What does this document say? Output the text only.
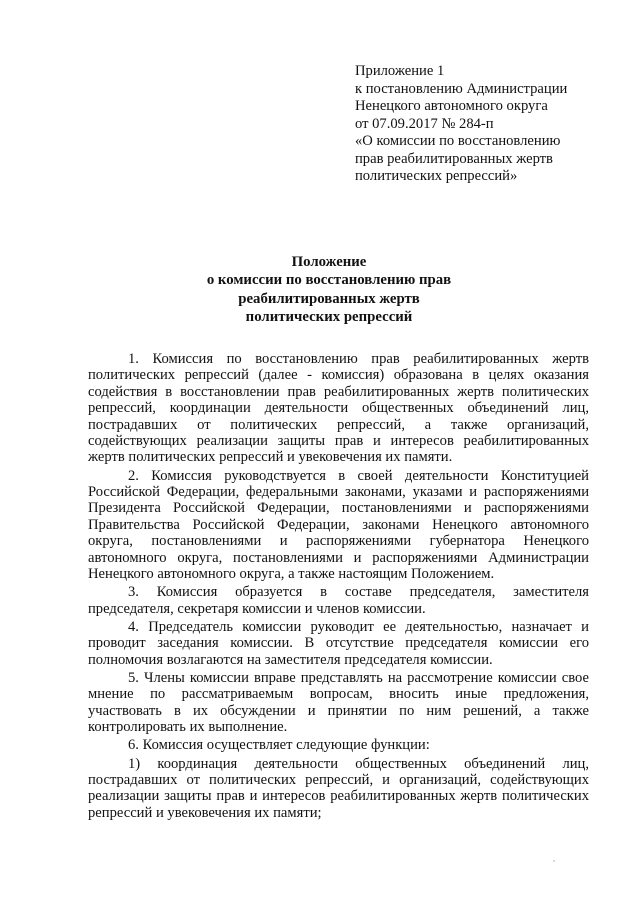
Приложение 1
к постановлению Администрации
Ненецкого автономного округа
от 07.09.2017 № 284-п
«О комиссии по восстановлению
прав реабилитированных жертв
политических репрессий»
Положение
о комиссии по восстановлению прав
реабилитированных жертв
политических репрессий

1. Комиссия по восстановлению прав реабилитированных жертв политических репрессий (далее - комиссия) образована в целях оказания содействия в восстановлении прав реабилитированных жертв политических репрессий, координации деятельности общественных объединений лиц, пострадавших от политических репрессий, а также организаций, содействующих реализации защиты прав и интересов реабилитированных жертв политических репрессий и увековечения их памяти.

2. Комиссия руководствуется в своей деятельности Конституцией Российской Федерации, федеральными законами, указами и распоряжениями Президента Российской Федерации, постановлениями и распоряжениями Правительства Российской Федерации, законами Ненецкого автономного округа, постановлениями и распоряжениями губернатора Ненецкого автономного округа, постановлениями и распоряжениями Администрации Ненецкого автономного округа, а также настоящим Положением.

3. Комиссия образуется в составе председателя, заместителя председателя, секретаря комиссии и членов комиссии.

4. Председатель комиссии руководит ее деятельностью, назначает и проводит заседания комиссии. В отсутствие председателя комиссии его полномочия возлагаются на заместителя председателя комиссии.

5. Члены комиссии вправе представлять на рассмотрение комиссии свое мнение по рассматриваемым вопросам, вносить иные предложения, участвовать в их обсуждении и принятии по ним решений, а также контролировать их выполнение.

6. Комиссия осуществляет следующие функции:

1) координация деятельности общественных объединений лиц, пострадавших от политических репрессий, и организаций, содействующих реализации защиты прав и интересов реабилитированных жертв политических репрессий и увековечения их памяти;
